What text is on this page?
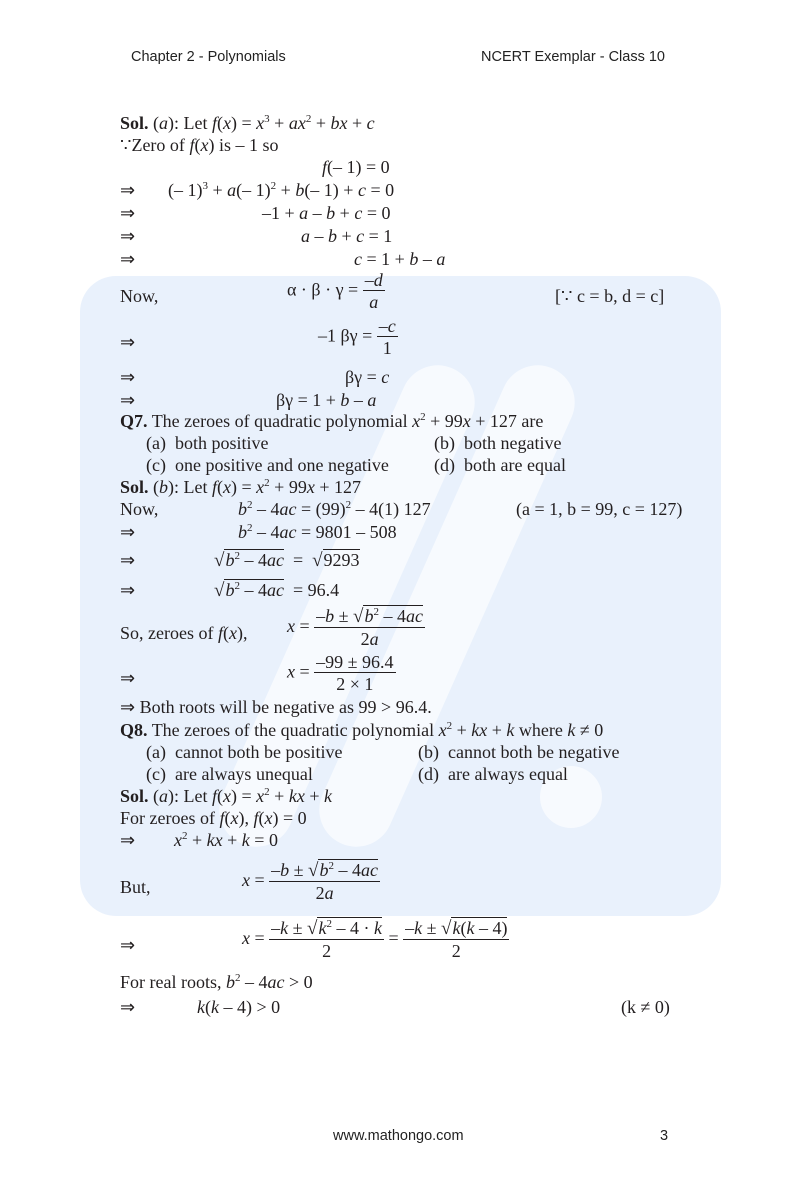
Chapter 2 - Polynomials	NCERT Exemplar - Class 10
Sol. (a): Let $f(x) = x^3 + ax^2$ + bx + c
∵Zero of f(x) is – 1 so
f(– 1) = 0
⇒ (– 1)$^3$ + a(– 1)$^2$ + b(– 1) + c = 0
⇒	–1 + a – b + c = 0
⇒	a – b + c = 1
⇒	c = 1 + b – a
Now,	$\alpha \cdot \beta \cdot \gamma = \frac{-d}{a}$	[∵ c = b, d = c]
⇒	–1 $\beta\gamma = \frac{-c}{1}$
⇒	βγ = c
⇒	βγ = 1 + b – a
Q7. The zeroes of quadratic polynomial $x^2 + 99x + 127$ are
(a) both positive	(b) both negative
(c) one positive and one negative	(d) both are equal
Sol. (b): Let $f(x) = x^2 + 99x + 127$
Now,	$b^2 - 4ac = (99)^2 - 4(1)$ 127	(a = 1, b = 99, c = 127)
⇒	$b^2 - 4ac = 9801 - 508$
⇒	$√b^2 - 4ac = √9293$
⇒	$√b^2 - 4ac = 96.4$
So, zeroes of f(x), $x = \frac{-b \pm √b^2 - 4ac}{2a}$
⇒	$x = \frac{-99 \pm 96.4}{2 \times 1}$
⇒ Both roots will be negative as 99 > 96.4.
Q8. The zeroes of the quadratic polynomial $x^2$ + kx + k where k ≠ 0
(a) cannot both be positive	(b) cannot both be negative
(c) are always unequal	(d) are always equal
Sol. (a): Let $f(x) = x^2$ + kx + k
For zeroes of f(x), f(x) = 0
⇒ $x^2$ + kx + k = 0
But,	$x = \frac{-b \pm √b^2 - 4ac}{2a}$
⇒	$x = \frac{-k \pm √k^2 - 4 \cdot k}{2} = \frac{-k \pm √k(k - 4)}{2}$
For real roots, $b^2 - 4ac > 0$
⇒	k(k – 4) > 0	(k ≠ 0)
www.mathongo.com	3
